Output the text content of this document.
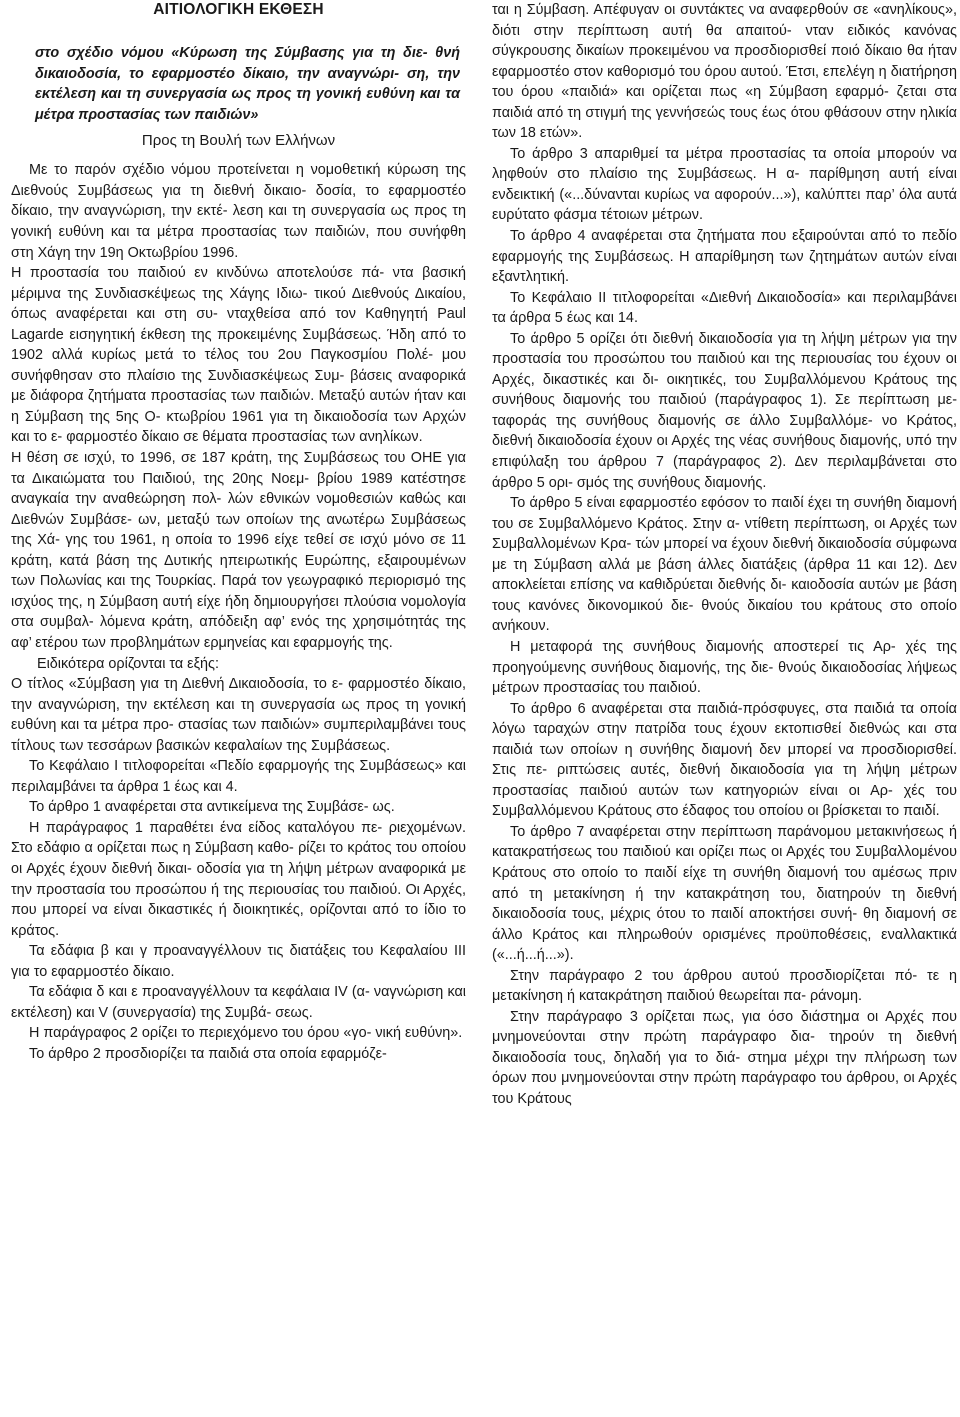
ΑΙΤΙΟΛΟΓΙΚΗ ΕΚΘΕΣΗ
στο σχέδιο νόμου «Κύρωση της Σύμβασης για τη διε- θνή δικαιοδοσία, το εφαρμοστέο δίκαιο, την αναγνώρι- ση, την εκτέλεση και τη συνεργασία ως προς τη γονική ευθύνη και τα μέτρα προστασίας των παιδιών»
Προς τη Βουλή των Ελλήνων

Με το παρόν σχέδιο νόμου προτείνεται η νομοθετική κύρωση της Διεθνούς Συμβάσεως για τη διεθνή δικαιο- δοσία, το εφαρμοστέο δίκαιο, την αναγνώριση, την εκτέ- λεση και τη συνεργασία ως προς τη γονική ευθύνη και τα μέτρα προστασίας των παιδιών, που συνήφθη στη Χάγη την 19η Οκτωβρίου 1996.

Η προστασία του παιδιού εν κινδύνω αποτελούσε πά- ντα βασική μέριμνα της Συνδιασκέψεως της Χάγης Ιδιω- τικού Διεθνούς Δικαίου, όπως αναφέρεται και στη συ- νταχθείσα από τον Καθηγητή Paul Lagarde εισηγητική έκθεση της προκειμένης Συμβάσεως. Ήδη από το 1902 αλλά κυρίως μετά το τέλος του 2ου Παγκοσμίου Πολέ- μου συνήφθησαν στο πλαίσιο της Συνδιασκέψεως Συμ- βάσεις αναφορικά με διάφορα ζητήματα προστασίας των παιδιών. Μεταξύ αυτών ήταν και η Σύμβαση της 5ης Ο- κτωβρίου 1961 για τη δικαιοδοσία των Αρχών και το ε- φαρμοστέο δίκαιο σε θέματα προστασίας των ανηλίκων.

Η θέση σε ισχύ, το 1996, σε 187 κράτη, της Συμβάσεως του ΟΗΕ για τα Δικαιώματα του Παιδιού, της 20ης Νοεμ- βρίου 1989 κατέστησε αναγκαία την αναθεώρηση πολ- λών εθνικών νομοθεσιών καθώς και Διεθνών Συμβάσε- ων, μεταξύ των οποίων της ανωτέρω Συμβάσεως της Χά- γης του 1961, η οποία το 1996 είχε τεθεί σε ισχύ μόνο σε 11 κράτη, κατά βάση της Δυτικής ηπειρωτικής Ευρώπης, εξαιρουμένων των Πολωνίας και της Τουρκίας. Παρά τον γεωγραφικό περιορισμό της ισχύος της, η Σύμβαση αυτή είχε ήδη δημιουργήσει πλούσια νομολογία στα συμβαλ- λόμενα κράτη, απόδειξη αφ’ ενός της χρησιμότητάς της αφ’ ετέρου των προβλημάτων ερμηνείας και εφαρμογής της.

Ειδικότερα ορίζονται τα εξής:

Ο τίτλος «Σύμβαση για τη Διεθνή Δικαιοδοσία, το ε- φαρμοστέο δίκαιο, την αναγνώριση, την εκτέλεση και τη συνεργασία ως προς τη γονική ευθύνη και τα μέτρα προ- στασίας των παιδιών» συμπεριλαμβάνει τους τίτλους των τεσσάρων βασικών κεφαλαίων της Συμβάσεως.

Το Κεφάλαιο Ι τιτλοφορείται «Πεδίο εφαρμογής της Συμβάσεως» και περιλαμβάνει τα άρθρα 1 έως και 4.

Το άρθρο 1 αναφέρεται στα αντικείμενα της Συμβάσε- ως.

Η παράγραφος 1 παραθέτει ένα είδος καταλόγου πε- ριεχομένων. Στο εδάφιο α ορίζεται πως η Σύμβαση καθο- ρίζει το κράτος του οποίου οι Αρχές έχουν διεθνή δικαι- οδοσία για τη λήψη μέτρων αναφορικά με την προστασία του προσώπου ή της περιουσίας του παιδιού. Οι Αρχές, που μπορεί να είναι δικαστικές ή διοικητικές, ορίζονται από το ίδιο το κράτος.

Τα εδάφια β και γ προαναγγέλλουν τις διατάξεις του Κεφαλαίου ΙΙΙ για το εφαρμοστέο δίκαιο.

Τα εδάφια δ και ε προαναγγέλλουν τα κεφάλαια IV (α- ναγνώριση και εκτέλεση) και V (συνεργασία) της Συμβά- σεως.

Η παράγραφος 2 ορίζει το περιεχόμενο του όρου «γο- νική ευθύνη».

Το άρθρο 2 προσδιορίζει τα παιδιά στα οποία εφαρμόζε-

ται η Σύμβαση. Απέφυγαν οι συντάκτες να αναφερθούν σε «ανηλίκους», διότι στην περίπτωση αυτή θα απαιτού- νταν ειδικός κανόνας σύγκρουσης δικαίων προκειμένου να προσδιορισθεί ποιό δίκαιο θα ήταν εφαρμοστέο στον καθορισμό του όρου αυτού. Έτσι, επελέγη η διατήρηση του όρου «παιδιά» και ορίζεται πως «η Σύμβαση εφαρμό- ζεται στα παιδιά από τη στιγμή της γεννήσεώς τους έως ότου φθάσουν στην ηλικία των 18 ετών».

Το άρθρο 3 απαριθμεί τα μέτρα προστασίας τα οποία μπορούν να ληφθούν στο πλαίσιο της Συμβάσεως. Η α- παρίθμηση αυτή είναι ενδεικτική («...δύνανται κυρίως να αφορούν...»), καλύπτει παρ’ όλα αυτά ευρύτατο φάσμα τέτοιων μέτρων.

Το άρθρο 4 αναφέρεται στα ζητήματα που εξαιρούνται από το πεδίο εφαρμογής της Συμβάσεως. Η απαρίθμηση των ζητημάτων αυτών είναι εξαντλητική.

Το Κεφάλαιο ΙΙ τιτλοφορείται «Διεθνή Δικαιοδοσία» και περιλαμβάνει τα άρθρα 5 έως και 14.

Το άρθρο 5 ορίζει ότι διεθνή δικαιοδοσία για τη λήψη μέτρων για την προστασία του προσώπου του παιδιού και της περιουσίας του έχουν οι Αρχές, δικαστικές και δι- οικητικές, του Συμβαλλόμενου Κράτους της συνήθους διαμονής του παιδιού (παράγραφος 1). Σε περίπτωση με- ταφοράς της συνήθους διαμονής σε άλλο Συμβαλλόμε- νο Κράτος, διεθνή δικαιοδοσία έχουν οι Αρχές της νέας συνήθους διαμονής, υπό την επιφύλαξη του άρθρου 7 (παράγραφος 2). Δεν περιλαμβάνεται στο άρθρο 5 ορι- σμός της συνήθους διαμονής.

Το άρθρο 5 είναι εφαρμοστέο εφόσον το παιδί έχει τη συνήθη διαμονή του σε Συμβαλλόμενο Κράτος. Στην α- ντίθετη περίπτωση, οι Αρχές των Συμβαλλομένων Κρα- τών μπορεί να έχουν διεθνή δικαιοδοσία σύμφωνα με τη Σύμβαση αλλά με βάση άλλες διατάξεις (άρθρα 11 και 12). Δεν αποκλείεται επίσης να καθιδρύεται διεθνής δι- καιοδοσία αυτών με βάση τους κανόνες δικονομικού διε- θνούς δικαίου του κράτους στο οποίο ανήκουν.

Η μεταφορά της συνήθους διαμονής αποστερεί τις Αρ- χές της προηγούμενης συνήθους διαμονής, της διε- θνούς δικαιοδοσίας λήψεως μέτρων προστασίας του παιδιού.

Το άρθρο 6 αναφέρεται στα παιδιά-πρόσφυγες, στα παιδιά τα οποία λόγω ταραχών στην πατρίδα τους έχουν εκτοπισθεί διεθνώς και στα παιδιά των οποίων η συνήθης διαμονή δεν μπορεί να προσδιορισθεί. Στις πε- ριπτώσεις αυτές, διεθνή δικαιοδοσία για τη λήψη μέτρων προστασίας παιδιού αυτών των κατηγοριών είναι οι Αρ- χές του Συμβαλλόμενου Κράτους στο έδαφος του οποίου οι βρίσκεται το παιδί.

Το άρθρο 7 αναφέρεται στην περίπτωση παράνομου μετακινήσεως ή κατακρατήσεως του παιδιού και ορίζει πως οι Αρχές του Συμβαλλομένου Κράτους στο οποίο το παιδί είχε τη συνήθη διαμονή του αμέσως πριν από τη μετακίνηση ή την κατακράτηση του, διατηρούν τη διεθνή δικαιοδοσία τους, μέχρις ότου το παιδί αποκτήσει συνή- θη διαμονή σε άλλο Κράτος και πληρωθούν ορισμένες προϋποθέσεις, εναλλακτικά («...ή...ή...»).

Στην παράγραφο 2 του άρθρου αυτού προσδιορίζεται πό- τε η μετακίνηση ή κατακράτηση παιδιού θεωρείται πα- ράνομη.

Στην παράγραφο 3 ορίζεται πως, για όσο διάστημα οι Αρχές που μνημονεύονται στην πρώτη παράγραφο δια- τηρούν τη διεθνή δικαιοδοσία τους, δηλαδή για το διά- στημα μέχρι την πλήρωση των όρων που μνημονεύονται στην πρώτη παράγραφο του άρθρου, οι Αρχές του Κράτους
